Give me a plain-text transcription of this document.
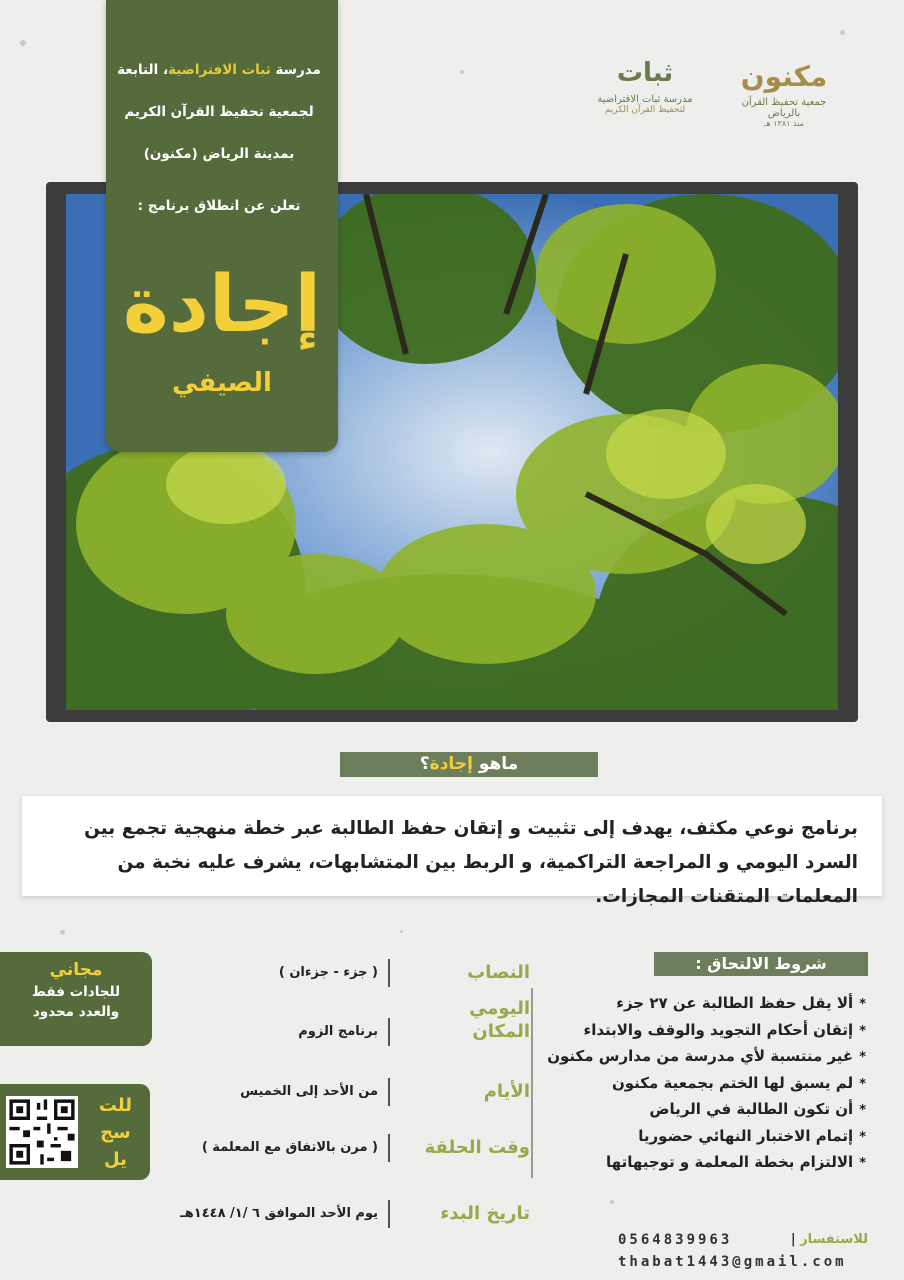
مكنون
جمعية تحفيظ القرآن بالرياض
منذ ١٣٨١ هـ
ثبات
مدرسة ثبات الافتراضية
لتحفيظ القرآن الكريم
مدرسة ثبات الافتراضية، التابعة
لجمعية تحفيظ القرآن الكريم
بمدينة الرياض (مكنون)
تعلن عن انطلاق برنامج :
إجادة
الصيفي
ماهو إجادة؟
برنامج نوعي مكثف، يهدف إلى تثبيت و إتقان حفظ الطالبة عبر خطة منهجية تجمع بين السرد اليومي و المراجعة التراكمية، و الربط بين المتشابهات، يشرف عليه نخبة من المعلمات المتقنات المجازات.
شروط الالتحاق :
*ألا يقل حفظ الطالبة عن ٢٧ جزء
*إتقان أحكام التجويد والوقف والابتداء
*غير منتسبة لأي مدرسة من مدارس مكنون
*لم يسبق لها الختم بجمعية مكنون
*أن تكون الطالبة في الرياض
*إتمام الاختبار النهائي حضوريا
*الالتزام بخطة المعلمة و توجيهاتها
النصاب اليومي
( جزء - جزءان )
المكان
برنامج الزوم
الأيام
من الأحد إلى الخميس
وقت الحلقة
( مرن بالاتفاق مع المعلمة )
تاريخ البدء
يوم الأحد الموافق ٦ /١/ ١٤٤٨هـ
مجاني
للجادات فقط
والعدد محدود
للت
سج
يل
للاستفسار |
0564839963
thabat1443@gmail.com
